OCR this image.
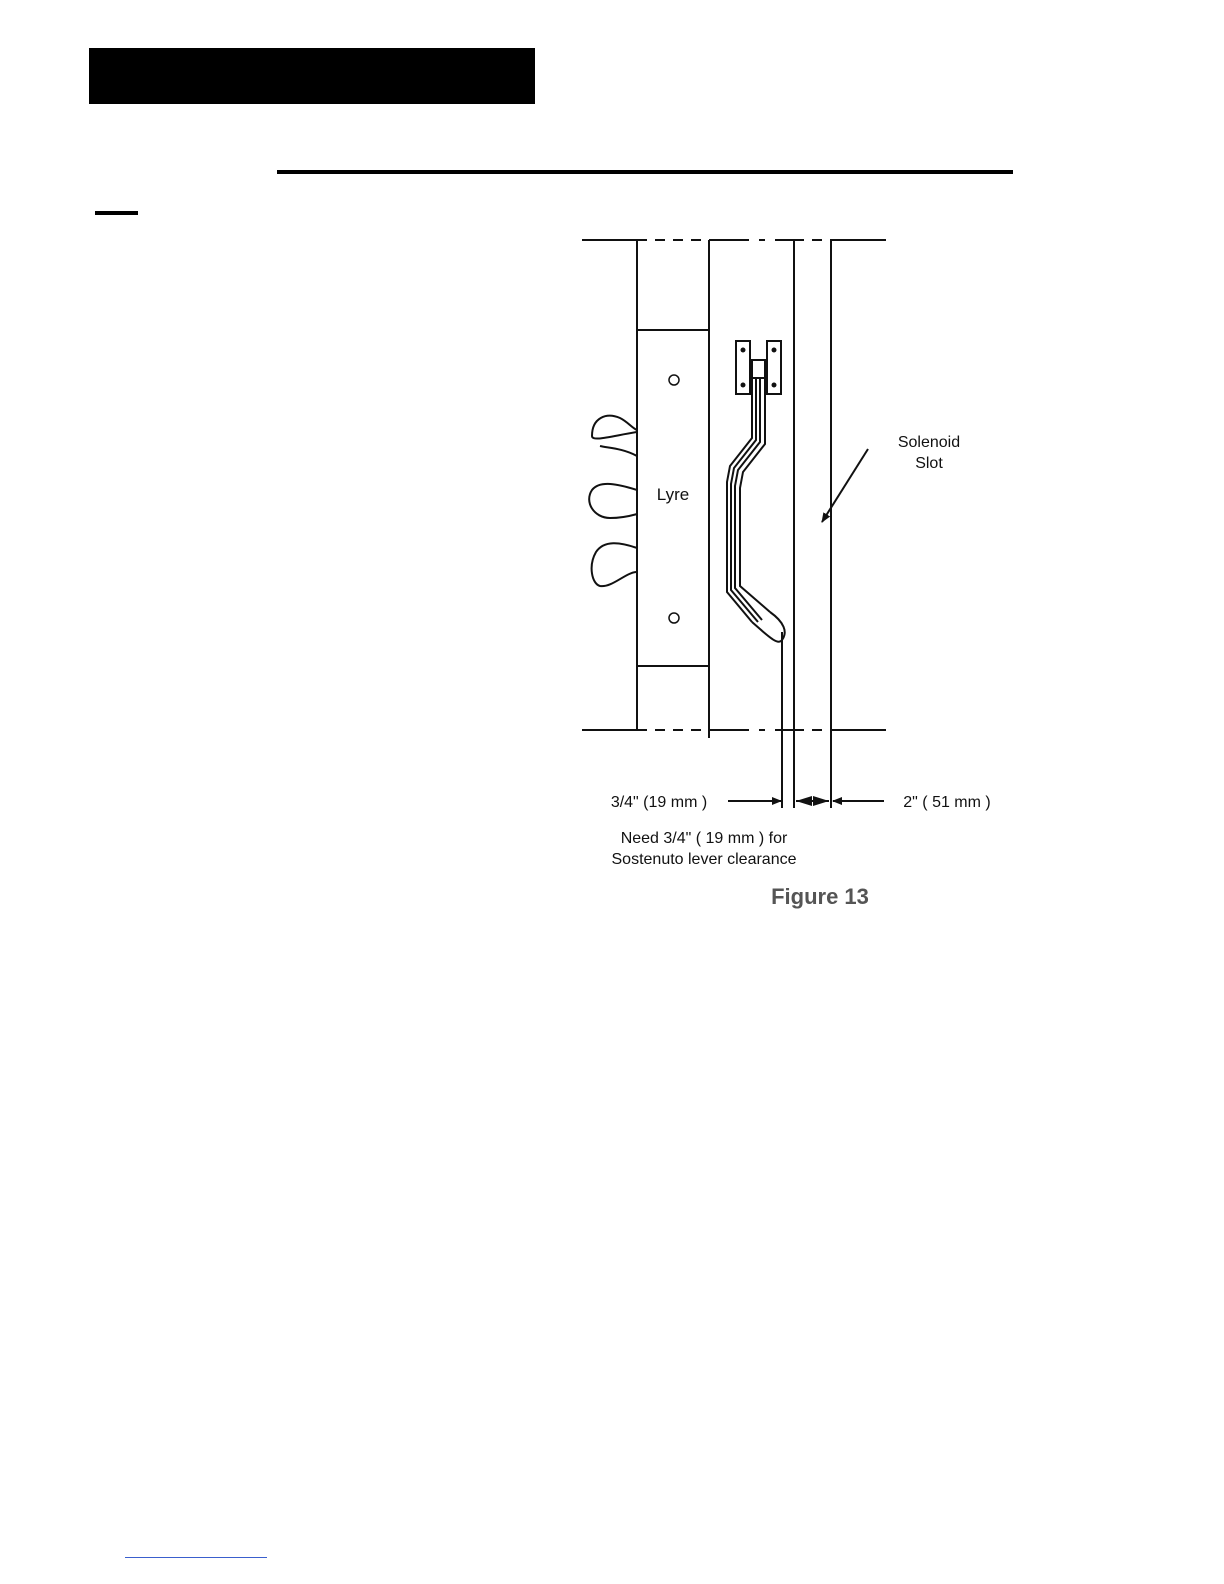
Lyre
Solenoid
Slot
3/4" (19 mm )	2" ( 51 mm )
Need 3/4" ( 19 mm ) for
Sostenuto lever clearance
Figure 13
